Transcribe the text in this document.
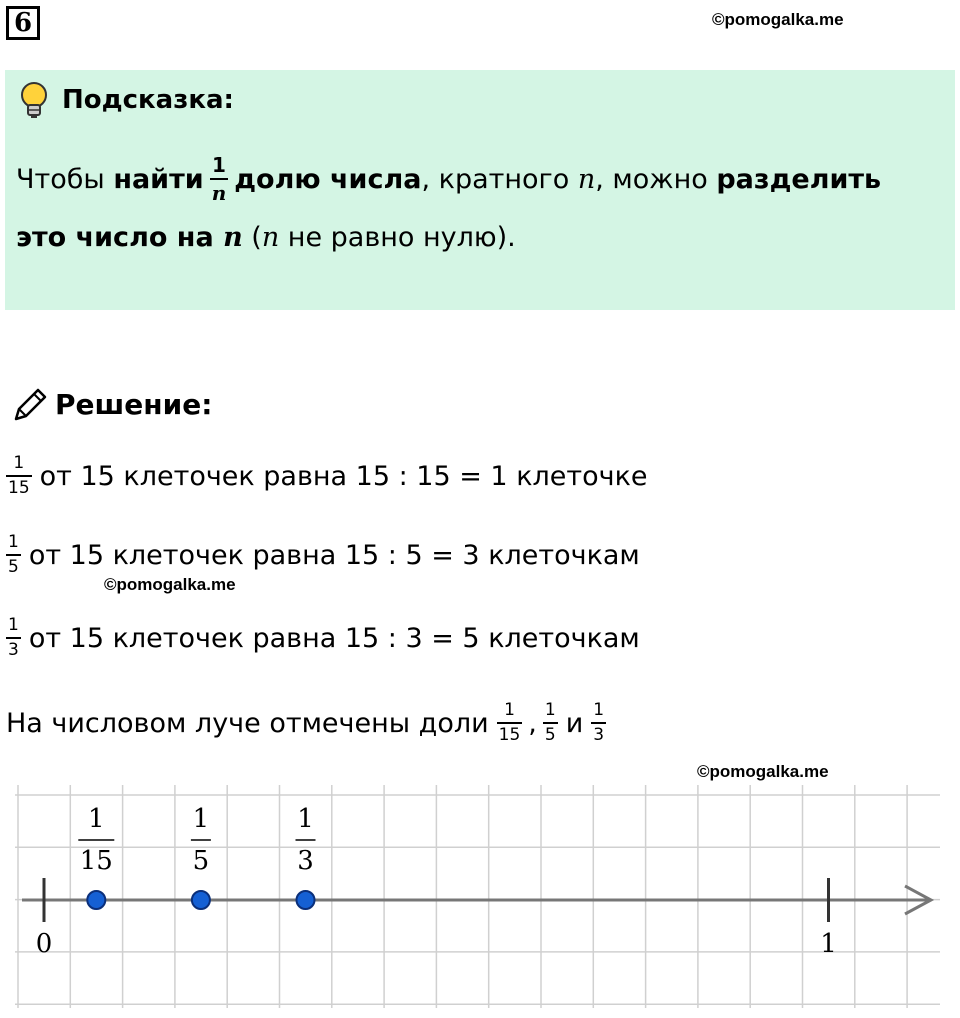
6	©pomogalka.me
Подсказка:
Чтобы найти $\frac{1}{n}$ долю числа , кратного n , можно разделить
это число на n ( n не равно нулю).
Решение:
$\frac{1}{15}$ от 15 клеточек равна 15 : 15 = 1 клеточке
$\frac{1}{5}$ от 15 клеточек равна 15 : 5 = 3 клеточкам
©pomogalka.me
$\frac{1}{3}$ от 15 клеточек равна 15 : 3 = 5 клеточкам
На числовом луче отмечены доли $\frac{1}{15}$ , $\frac{1}{5}$ и $\frac{1}{3}$
©pomogalka.me
0	1
1
15
1
5
1
3
